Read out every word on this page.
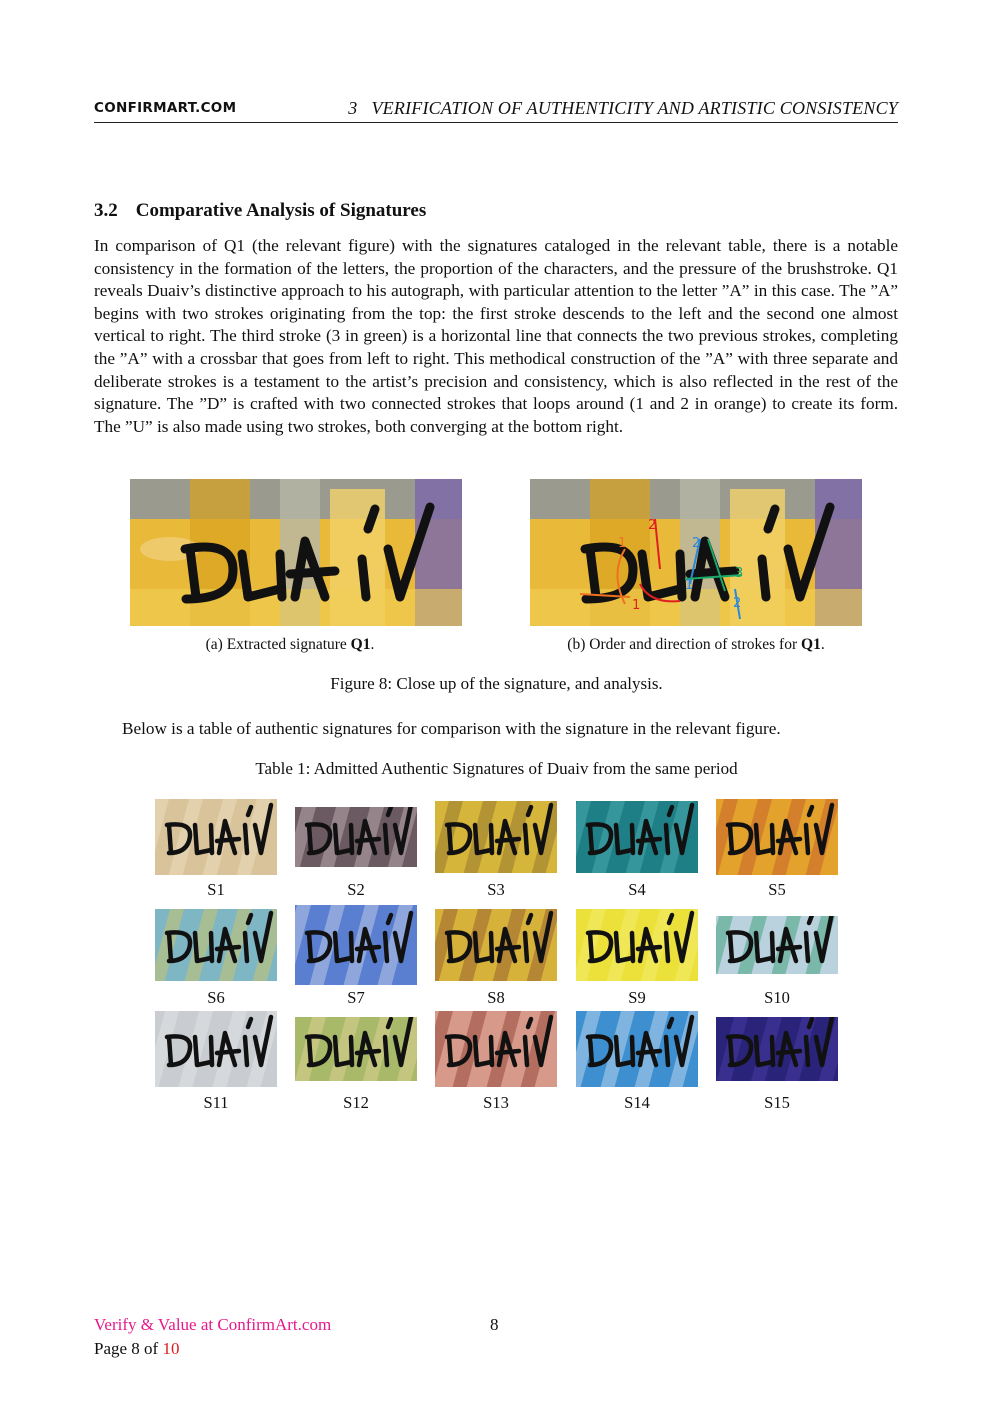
CONFIRMART.COM	3 VERIFICATION OF AUTHENTICITY AND ARTISTIC CONSISTENCY
3.2 Comparative Analysis of Signatures

In comparison of Q1 (the relevant figure) with the signatures cataloged in the relevant table, there is a notable consistency in the formation of the letters, the proportion of the characters, and the pressure of the brushstroke. Q1 reveals Duaiv’s distinctive approach to his autograph, with particular attention to the letter ”A” in this case. The ”A” begins with two strokes originating from the top: the first stroke descends to the left and the second one almost vertical to right. The third stroke (3 in green) is a horizontal line that connects the two previous strokes, completing the ”A” with a crossbar that goes from left to right. This methodical construction of the ”A” with three separate and deliberate strokes is a testament to the artist’s precision and consistency, which is also reflected in the rest of the signature. The ”D” is crafted with two connected strokes that loops around (1 and 2 in orange) to create its form. The ”U” is also made using two strokes, both converging at the bottom right.

1
2
1
2
3
1
2
(a) Extracted signature Q1.	(b) Order and direction of strokes for Q1.
Figure 8: Close up of the signature, and analysis.
Below is a table of authentic signatures for comparison with the signature in the relevant figure.
Table 1: Admitted Authentic Signatures of Duaiv from the same period
S1	S2	S3	S4	S5
S6	S7	S8	S9	S10
S11	S12	S13	S14	S15
Verify & Value at ConfirmArt.com
Page 8 of 10
8
